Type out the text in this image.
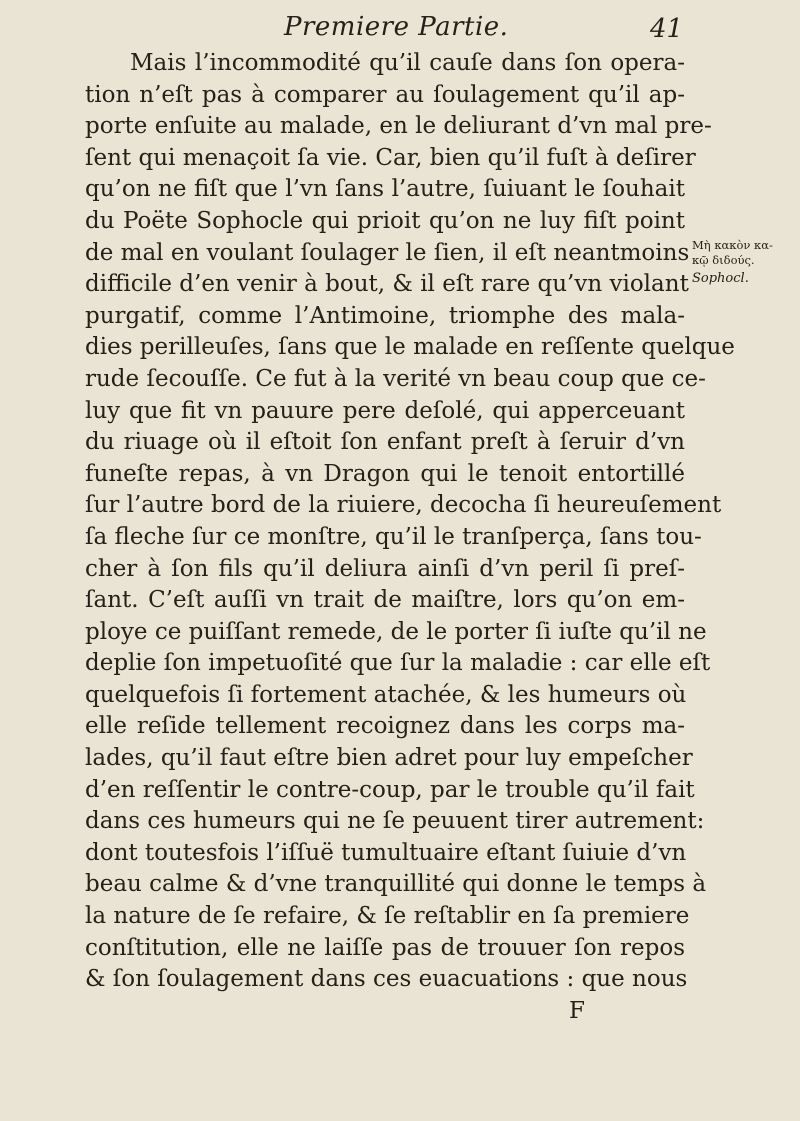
Premiere Partie.	41
Mais l’incommodité qu’il cauſe dans ſon opera-
tion n’eſt pas à comparer au ſoulagement qu’il ap-
porte enſuite au malade, en le deliurant d’vn mal pre-
ſent qui menaçoit ſa vie. Car, bien qu’il fuſt à deſirer
qu’on ne fiſt que l’vn ſans l’autre, ſuiuant le ſouhait
du Poëte Sophocle qui prioit qu’on ne luy fiſt point
de mal en voulant ſoulager le ſien, il eſt neantmoins
difficile d’en venir à bout, & il eſt rare qu’vn violant
purgatif, comme l’Antimoine, triomphe des mala-
dies perilleuſes, ſans que le malade en reſſente quelque
rude ſecouſſe. Ce fut à la verité vn beau coup que ce-
luy que fit vn pauure pere deſolé, qui apperceuant
du riuage où il eſtoit ſon enfant preſt à ſeruir d’vn
funeſte repas, à vn Dragon qui le tenoit entortillé
ſur l’autre bord de la riuiere, decocha ſi heureuſement
ſa fleche ſur ce monſtre, qu’il le tranſperça, ſans tou-
cher à ſon fils qu’il deliura ainſi d’vn peril ſi preſ-
ſant. C’eſt auſſi vn trait de maiſtre, lors qu’on em-
ploye ce puiſſant remede, de le porter ſi iuſte qu’il ne
deplie ſon impetuoſité que ſur la maladie : car elle eſt
quelquefois ſi fortement atachée, & les humeurs où
elle reſide tellement recoignez dans les corps ma-
lades, qu’il faut eſtre bien adret pour luy empeſcher
d’en reſſentir le contre-coup, par le trouble qu’il fait
dans ces humeurs qui ne ſe peuuent tirer autrement:
dont toutesfois l’iſſuë tumultuaire eſtant ſuiuie d’vn
beau calme & d’vne tranquillité qui donne le temps à
la nature de ſe refaire, & ſe reſtablir en ſa premiere
conſtitution, elle ne laiſſe pas de trouuer ſon repos
& ſon ſoulagement dans ces euacuations : que nous
Μὴ κακὸν κα-
κῷ διδούς.
Sophocl.
F
